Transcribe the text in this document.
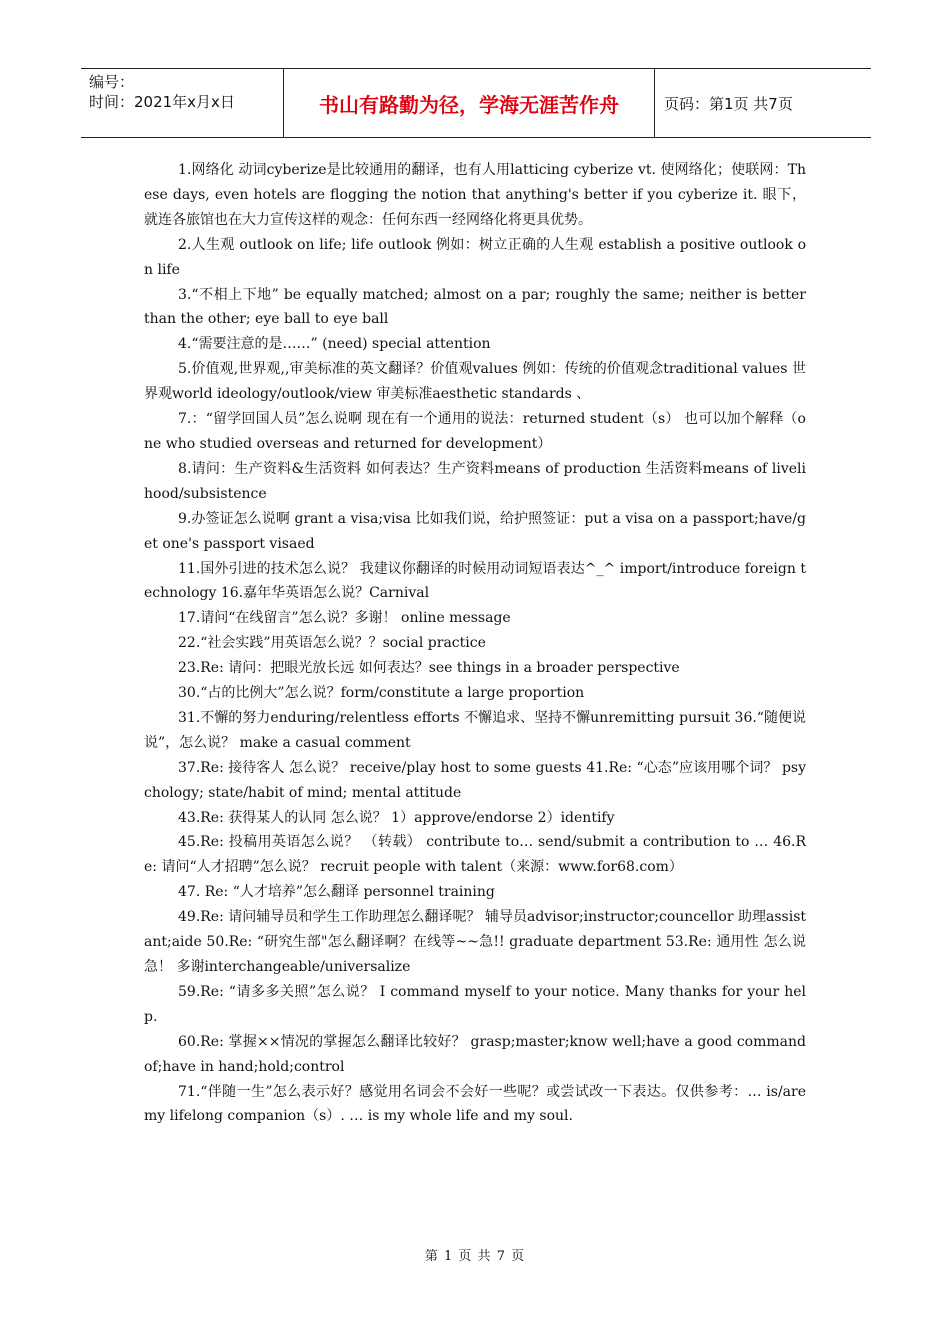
编号：
时间：2021年x月x日	书山有路勤为径，学海无涯苦作舟	页码：第1页 共7页

1.网络化 动词cyberize是比较通用的翻译，也有人用latticing cyberize vt. 使网络化；使联网：These days, even hotels are flogging the notion that anything's better if you cyberize it. 眼下，就连各旅馆也在大力宣传这样的观念：任何东西一经网络化将更具优势。

2.人生观 outlook on life; life outlook 例如：树立正确的人生观 establish a positive outlook on life

3.“不相上下地” be equally matched; almost on a par; roughly the same; neither is better than the other; eye ball to eye ball

4.“需要注意的是……” (need) special attention

5.价值观,世界观,,审美标准的英文翻译？价值观values 例如：传统的价值观念traditional values 世界观world ideology/outlook/view 审美标准aesthetic standards 、

7.：“留学回国人员”怎么说啊 现在有一个通用的说法：returned student（s） 也可以加个解释（one who studied overseas and returned for development）

8.请问：生产资料&生活资料 如何表达？生产资料means of production 生活资料means of livelihood/subsistence

9.办签证怎么说啊 grant a visa;visa 比如我们说，给护照签证：put a visa on a passport;have/get one's passport visaed

11.国外引进的技术怎么说？ 我建议你翻译的时候用动词短语表达^_^ import/introduce foreign technology 16.嘉年华英语怎么说？Carnival

17.请问“在线留言”怎么说？多谢！ online message

22.“社会实践”用英语怎么说？？social practice

23.Re: 请问：把眼光放长远 如何表达？see things in a broader perspective

30.“占的比例大”怎么说？form/constitute a large proportion

31.不懈的努力enduring/relentless efforts 不懈追求、坚持不懈unremitting pursuit 36.“随便说说”，怎么说？ make a casual comment

37.Re: 接待客人 怎么说？ receive/play host to some guests 41.Re: “心态”应该用哪个词？ psychology; state/habit of mind; mental attitude

43.Re: 获得某人的认同 怎么说？ 1）approve/endorse 2）identify

45.Re: 投稿用英语怎么说？ （转载） contribute to… send/submit a contribution to … 46.Re: 请问“人才招聘”怎么说？ recruit people with talent（来源：www.for68.com）

47. Re: “人才培养”怎么翻译 personnel training

49.Re: 请问辅导员和学生工作助理怎么翻译呢？ 辅导员advisor;instructor;councellor 助理assistant;aide 50.Re: “研究生部"怎么翻译啊？在线等~~急!! graduate department 53.Re: 通用性 怎么说 急！ 多谢interchangeable/universalize

59.Re: “请多多关照”怎么说？ I command myself to your notice. Many thanks for your help.

60.Re: 掌握××情况的掌握怎么翻译比较好？ grasp;master;know well;have a good command of;have in hand;hold;control

71.“伴随一生”怎么表示好？感觉用名词会不会好一些呢？或尝试改一下表达。仅供参考：… is/are my lifelong companion（s）. … is my whole life and my soul.

第 1 页 共 7 页
